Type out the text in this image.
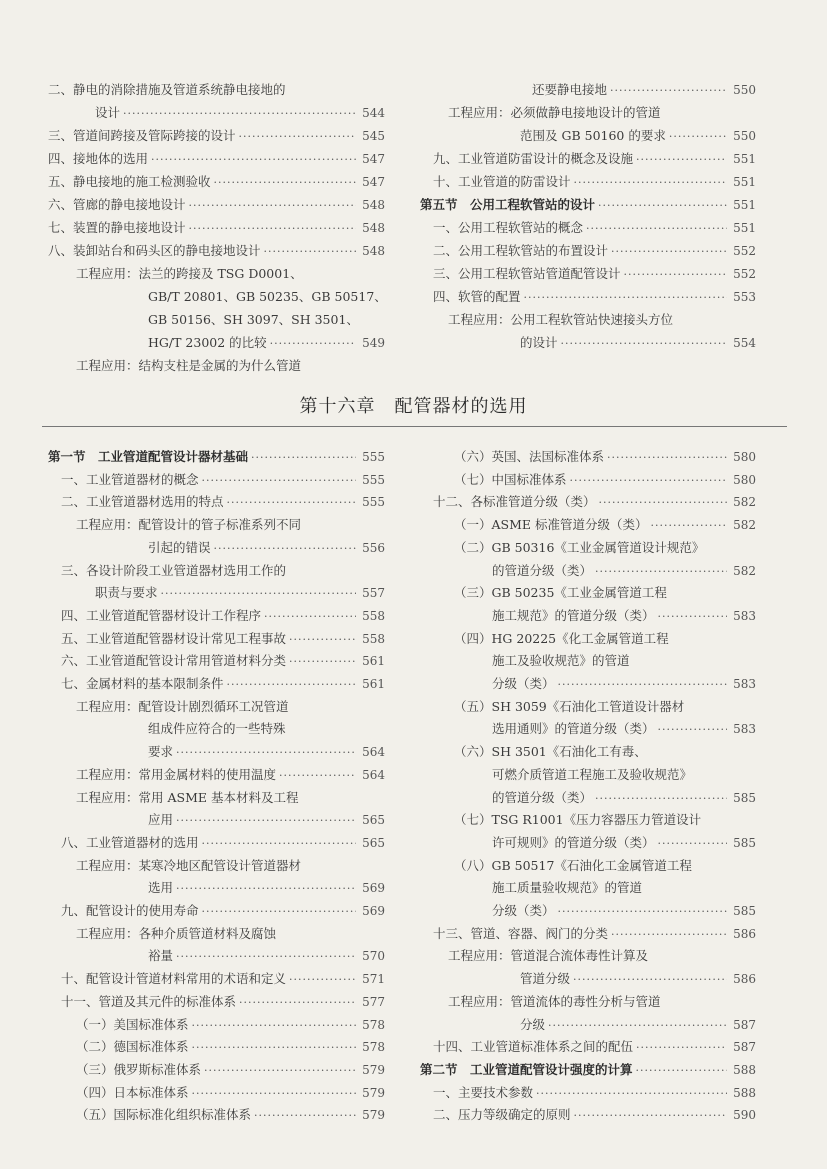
二、静电的消除措施及管道系统静电接地的
设计 ·····	544
三、管道间跨接及管际跨接的设计 ·····	545
四、接地体的选用 ·····	547
五、静电接地的施工检测验收 ·····	547
六、管廊的静电接地设计 ·····	548
七、装置的静电接地设计 ·····	548
八、装卸站台和码头区的静电接地设计 ·····	548
工程应用：法兰的跨接及 TSG D0001、
GB/T 20801、GB 50235、GB 50517、
GB 50156、SH 3097、SH 3501、
HG/T 23002 的比较 ·····	549
工程应用：结构支柱是金属的为什么管道
还要静电接地 ·····	550
工程应用：必须做静电接地设计的管道
范围及 GB 50160 的要求 ·····	550
九、工业管道防雷设计的概念及设施 ·····	551
十、工业管道的防雷设计 ·····	551
第五节　公用工程软管站的设计 ·····	551
一、公用工程软管站的概念 ·····	551
二、公用工程软管站的布置设计 ·····	552
三、公用工程软管站管道配管设计 ·····	552
四、软管的配置 ·····	553
工程应用：公用工程软管站快速接头方位
的设计 ·····	554
第十六章　配管器材的选用
第一节　工业管道配管设计器材基础 ·····	555
一、工业管道器材的概念 ·····	555
二、工业管道器材选用的特点 ·····	555
工程应用：配管设计的管子标准系列不同
引起的错误 ·····	556
三、各设计阶段工业管道器材选用工作的
职责与要求 ·····	557
四、工业管道配管器材设计工作程序 ·····	558
五、工业管道配管器材设计常见工程事故 ·····	558
六、工业管道配管设计常用管道材料分类 ·····	561
七、金属材料的基本限制条件 ·····	561
工程应用：配管设计剧烈循环工况管道
组成件应符合的一些特殊
要求 ·····	564
工程应用：常用金属材料的使用温度 ·····	564
工程应用：常用 ASME 基本材料及工程
应用 ·····	565
八、工业管道器材的选用 ·····	565
工程应用：某寒冷地区配管设计管道器材
选用 ·····	569
九、配管设计的使用寿命 ·····	569
工程应用：各种介质管道材料及腐蚀
裕量 ·····	570
十、配管设计管道材料常用的术语和定义 ·····	571
十一、管道及其元件的标准体系 ·····	577
（一）美国标准体系 ·····	578
（二）德国标准体系 ·····	578
（三）俄罗斯标准体系 ·····	579
（四）日本标准体系 ·····	579
（五）国际标准化组织标准体系 ·····	579
（六）英国、法国标准体系 ·····	580
（七）中国标准体系 ·····	580
十二、各标准管道分级（类） ·····	582
（一）ASME 标准管道分级（类） ·····	582
（二）GB 50316《工业金属管道设计规范》
的管道分级（类） ·····	582
（三）GB 50235《工业金属管道工程
施工规范》的管道分级（类） ·····	583
（四）HG 20225《化工金属管道工程
施工及验收规范》的管道
分级（类） ·····	583
（五）SH 3059《石油化工管道设计器材
选用通则》的管道分级（类） ·····	583
（六）SH 3501《石油化工有毒、
可燃介质管道工程施工及验收规范》
的管道分级（类） ·····	585
（七）TSG R1001《压力容器压力管道设计
许可规则》的管道分级（类） ·····	585
（八）GB 50517《石油化工金属管道工程
施工质量验收规范》的管道
分级（类） ·····	585
十三、管道、容器、阀门的分类 ·····	586
工程应用：管道混合流体毒性计算及
管道分级 ·····	586
工程应用：管道流体的毒性分析与管道
分级 ·····	587
十四、工业管道标准体系之间的配伍 ·····	587
第二节　工业管道配管设计强度的计算 ·····	588
一、主要技术参数 ·····	588
二、压力等级确定的原则 ·····	590
